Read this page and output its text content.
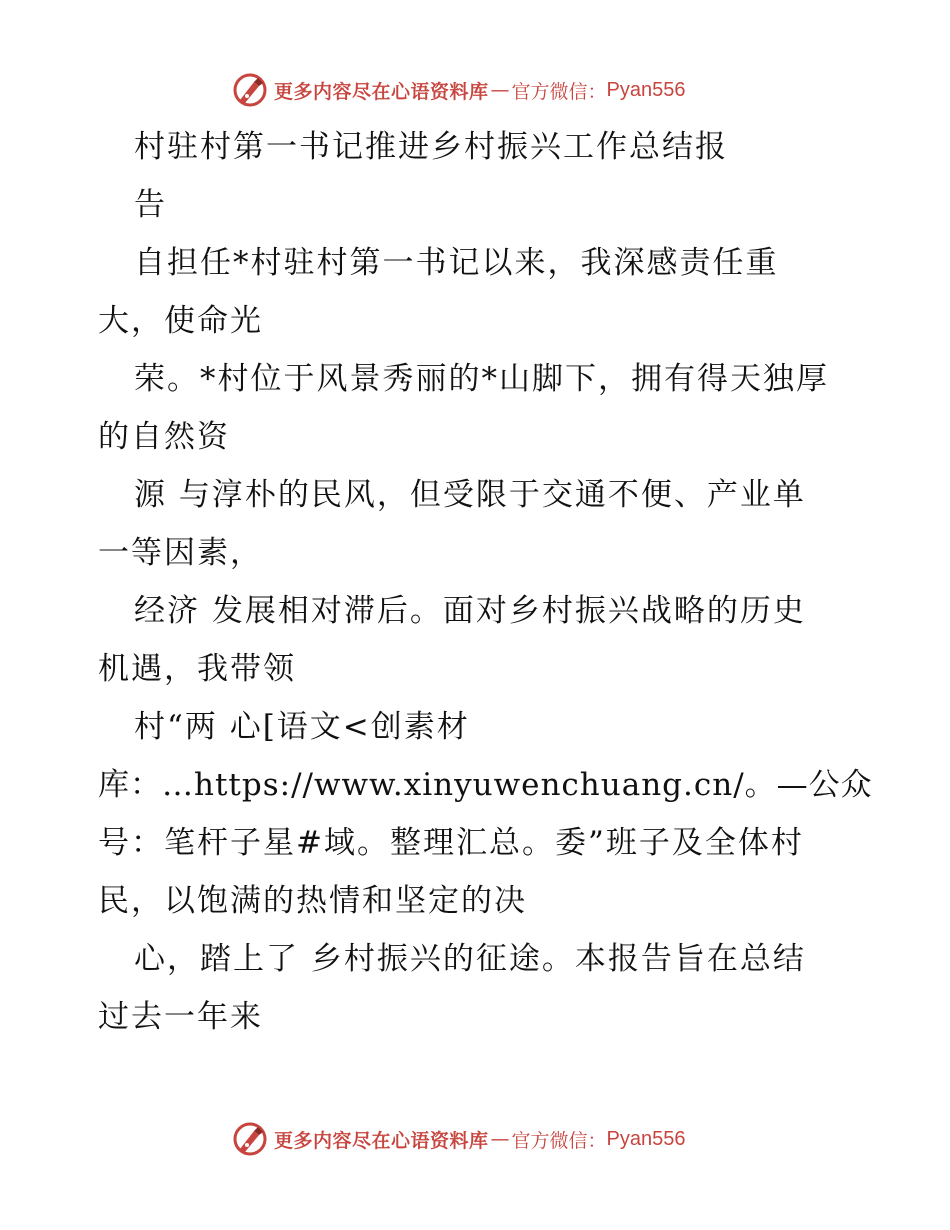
更多内容尽在心语资料库 — 官方微信： Pyan556
村驻村第一书记推进乡村振兴工作总结报
告
自担任*村驻村第一书记以来，我深感责任重
大，使命光
荣。*村位于风景秀丽的*山脚下，拥有得天独厚
的自然资
源 与淳朴的民风，但受限于交通不便、产业单
一等因素，
经济 发展相对滞后。面对乡村振兴战略的历史
机遇，我带领
村“两 心[语文<创素材
库：…https://www.xinyuwenchuang.cn/。—公众
号：笔杆子星#域。整理汇总。委”班子及全体村
民，以饱满的热情和坚定的决
心，踏上了 乡村振兴的征途。本报告旨在总结
过去一年来
更多内容尽在心语资料库 — 官方微信： Pyan556
